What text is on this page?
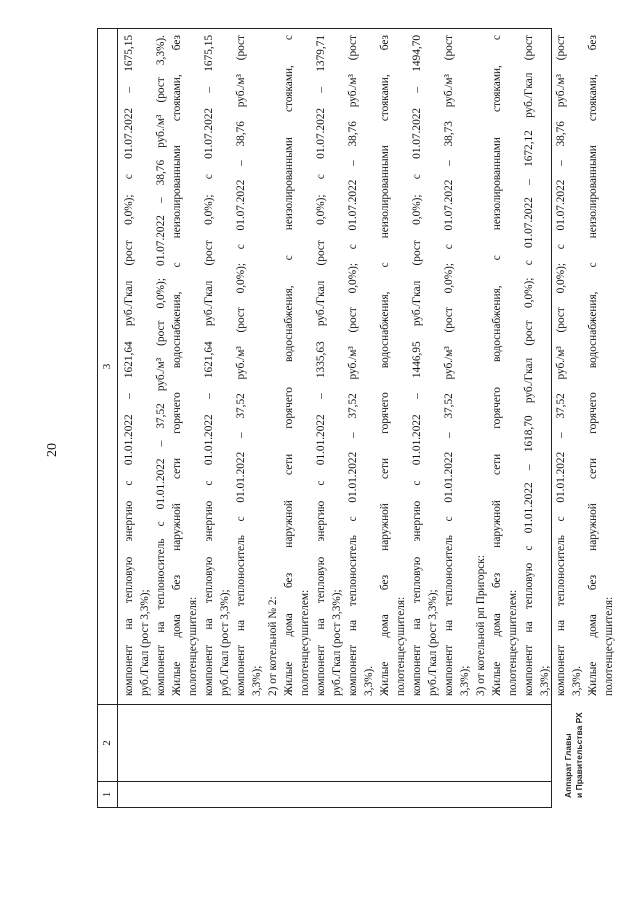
20
1
2
3 компонент на тепловую энергию с 01.01.2022 – 1621,64 руб./Гкал (рост 0,0%); с 01.07.2022 – 1675,15 руб./Гкал (рост 3,3%); компонент на теплоноситель с 01.01.2022 – 37,52 руб./м³ (рост 0,0%); 01.07.2022 – 38,76 руб./м³ (рост 3,3%). Жилые дома без наружной сети горячего водоснабжения, с неизолированными стояками, без полотенцесушителя: компонент на тепловую энергию с 01.01.2022 – 1621,64 руб./Гкал (рост 0,0%); с 01.07.2022 – 1675,15 руб./Гкал (рост 3,3%); компонент на теплоноситель с 01.01.2022 – 37,52 руб./м³ (рост 0,0%); с 01.07.2022 – 38,76 руб./м³ (рост 3,3%); 2) от котельной № 2: Жилые дома без наружной сети горячего водоснабжения, с неизолированными стояками, с полотенцесушителем: компонент на тепловую энергию с 01.01.2022 – 1335,63 руб./Гкал (рост 0,0%); с 01.07.2022 – 1379,71 руб./Гкал (рост 3,3%); компонент на теплоноситель с 01.01.2022 – 37,52 руб./м³ (рост 0,0%); с 01.07.2022 – 38,76 руб./м³ (рост 3,3%). Жилые дома без наружной сети горячего водоснабжения, с неизолированными стояками, без полотенцесушителя: компонент на тепловую энергию с 01.01.2022 – 1446,95 руб./Гкал (рост 0,0%); с 01.07.2022 – 1494,70 руб./Гкал (рост 3,3%); компонент на теплоноситель с 01.01.2022 – 37,52 руб./м³ (рост 0,0%); с 01.07.2022 – 38,73 руб./м³ (рост 3,3%); 3) от котельной рп Пригорск: Жилые дома без наружной сети горячего водоснабжения, с неизолированными стояками, с полотенцесушителем: компонент на тепловую с 01.01.2022 – 1618,70 руб./Гкал (рост 0,0%); с 01.07.2022 – 1672,12 руб./Гкал (рост 3,3%); компонент на теплоноситель с 01.01.2022 – 37,52 руб./м³ (рост 0,0%); с 01.07.2022 – 38,76 руб./м³ (рост 3,3%). Жилые дома без наружной сети горячего водоснабжения, с неизолированными стояками, без полотенцесушителя:
Аппарат Главы и Правительства РХ
